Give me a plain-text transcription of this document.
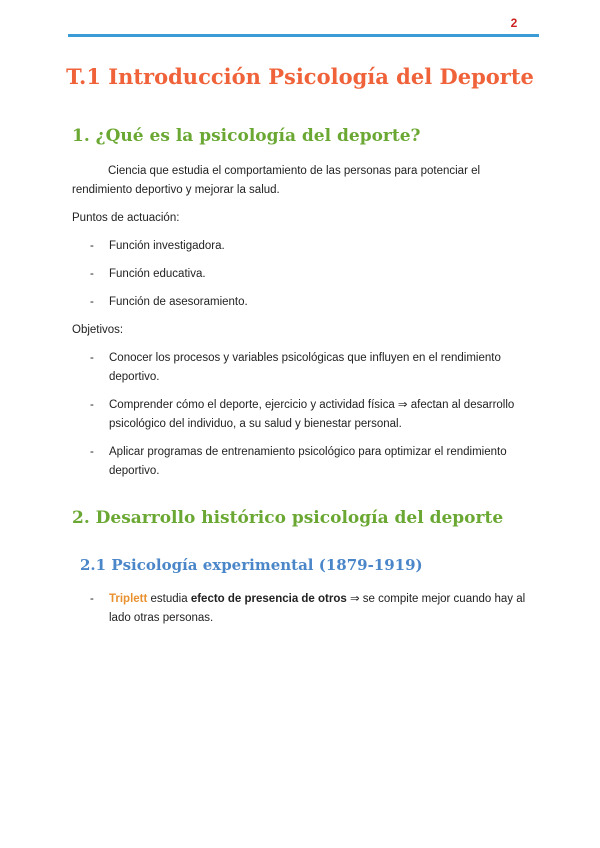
2
T.1 Introducción Psicología del Deporte
1. ¿Qué es la psicología del deporte?

Ciencia que estudia el comportamiento de las personas para potenciar el rendimiento deportivo y mejorar la salud.

Puntos de actuación:

- Función investigadora.
- Función educativa.
- Función de asesoramiento.

Objetivos:

- Conocer los procesos y variables psicológicas que influyen en el rendimiento deportivo.
- Comprender cómo el deporte, ejercicio y actividad física ⇒ afectan al desarrollo psicológico del individuo, a su salud y bienestar personal.
- Aplicar programas de entrenamiento psicológico para optimizar el rendimiento deportivo.
2. Desarrollo histórico psicología del deporte
2.1 Psicología experimental (1879-1919)
- Triplett estudia efecto de presencia de otros ⇒ se compite mejor cuando hay al lado otras personas.
